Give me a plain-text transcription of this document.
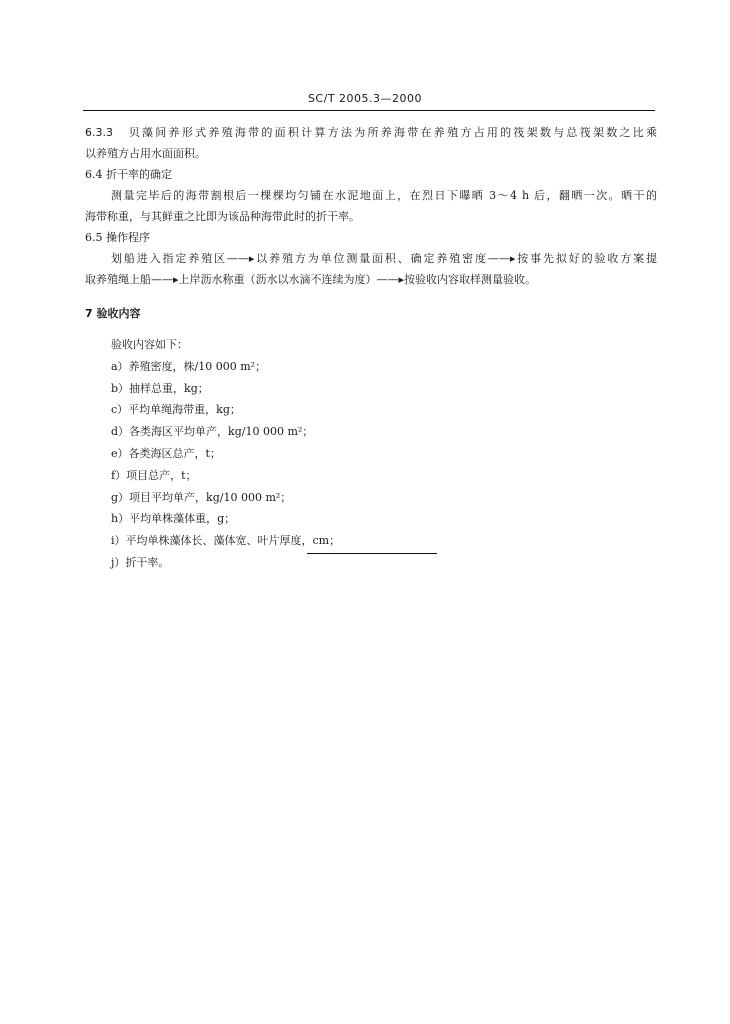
SC/T 2005.3—2000
6.3.3 贝藻间养形式养殖海带的面积计算方法为所养海带在养殖方占用的筏架数与总筏架数之比乘
以养殖方占用水面面积。
6.4 折干率的确定
测量完毕后的海带割根后一棵棵均匀铺在水泥地面上，在烈日下曝晒 3～4 h 后，翻晒一次。晒干的
海带称重，与其鲜重之比即为该品种海带此时的折干率。
6.5 操作程序
划船进入指定养殖区——▸以养殖方为单位测量面积、确定养殖密度——▸按事先拟好的验收方案提
取养殖绳上船——▸上岸沥水称重（沥水以水滴不连续为度）——▸按验收内容取样测量验收。
7 验收内容
验收内容如下：
a）养殖密度，株/10 000 m²；
b）抽样总重，kg；
c）平均单绳海带重，kg；
d）各类海区平均单产，kg/10 000 m²；
e）各类海区总产，t；
f）项目总产，t；
g）项目平均单产，kg/10 000 m²；
h）平均单株藻体重，g；
i）平均单株藻体长、藻体宽、叶片厚度，cm；
j）折干率。
